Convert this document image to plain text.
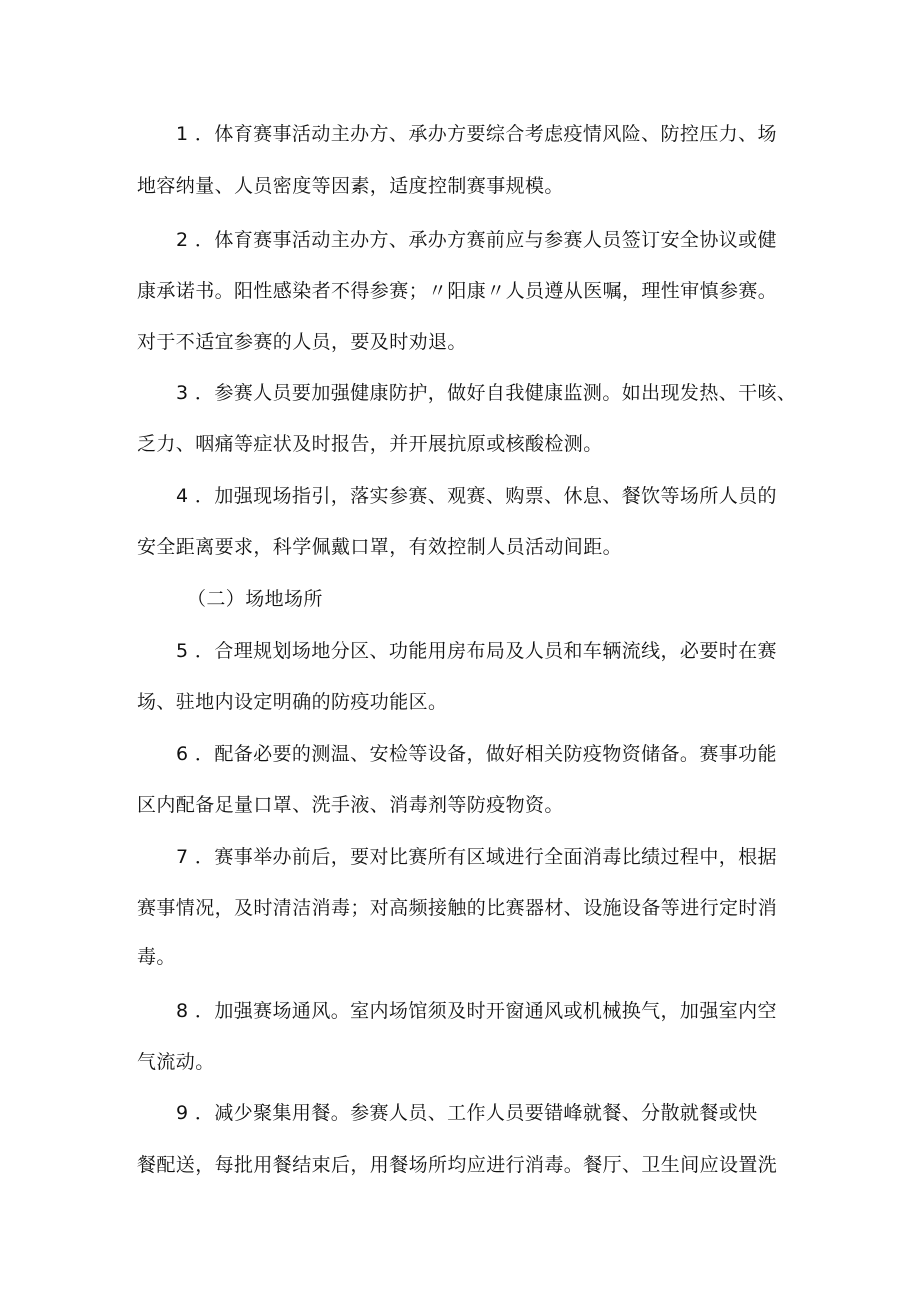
1 ．体育赛事活动主办方、承办方要综合考虑疫情风险、防控压力、场
地容纳量、人员密度等因素，适度控制赛事规模。
2 ．体育赛事活动主办方、承办方赛前应与参赛人员签订安全协议或健
康承诺书。阳性感染者不得参赛；〃阳康〃人员遵从医嘱，理性审慎参赛。
对于不适宜参赛的人员，要及时劝退。
3 ．参赛人员要加强健康防护，做好自我健康监测。如出现发热、干咳、
乏力、咽痛等症状及时报告，并开展抗原或核酸检测。
4 ．加强现场指引，落实参赛、观赛、购票、休息、餐饮等场所人员的
安全距离要求，科学佩戴口罩，有效控制人员活动间距。
（二）场地场所
5 ．合理规划场地分区、功能用房布局及人员和车辆流线，必要时在赛
场、驻地内设定明确的防疫功能区。
6 ．配备必要的测温、安检等设备，做好相关防疫物资储备。赛事功能
区内配备足量口罩、洗手液、消毒剂等防疫物资。
7 ．赛事举办前后，要对比赛所有区域进行全面消毒比绩过程中，根据
赛事情况，及时清洁消毒；对高频接触的比赛器材、设施设备等进行定时消
毒。
8 ．加强赛场通风。室内场馆须及时开窗通风或机械换气，加强室内空
气流动。
9 ．减少聚集用餐。参赛人员、工作人员要错峰就餐、分散就餐或快
餐配送，每批用餐结束后，用餐场所均应进行消毒。餐厅、卫生间应设置洗
